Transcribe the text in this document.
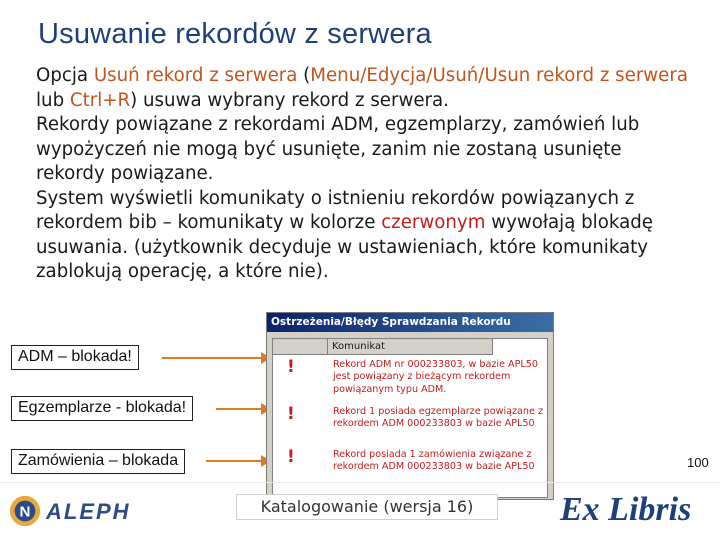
Usuwanie rekordów z serwera

Opcja Usuń rekord z serwera (Menu/Edycja/Usuń/Usun rekord z serwera lub Ctrl+R) usuwa wybrany rekord z serwera.

Rekordy powiązane z rekordami ADM, egzemplarzy, zamówień lub wypożyczeń nie mogą być usunięte, zanim nie zostaną usunięte rekordy powiązane.

System wyświetli komunikaty o istnieniu rekordów powiązanych z rekordem bib – komunikaty w kolorze czerwonym wywołają blokadę usuwania. (użytkownik decyduje w ustawieniach, które komunikaty zablokują operację, a które nie).

ADM – blokada!
Egzemplarze - blokada!
Zamówienia – blokada
Ostrzeżenia/Błędy Sprawdzania Rekordu
Komunikat
!	Rekord ADM nr 000233803, w bazie APL50 jest powiązany z bieżącym rekordem powiązanym typu ADM.
!	Rekord 1 posiada egzemplarze powiązane z rekordem ADM 000233803 w bazie APL50
!	Rekord posiada 1 zamówienia związane z rekordem ADM 000233803 w bazie APL50	100
N ALEPH	Katalogowanie (wersja 16)	Ex Libris
